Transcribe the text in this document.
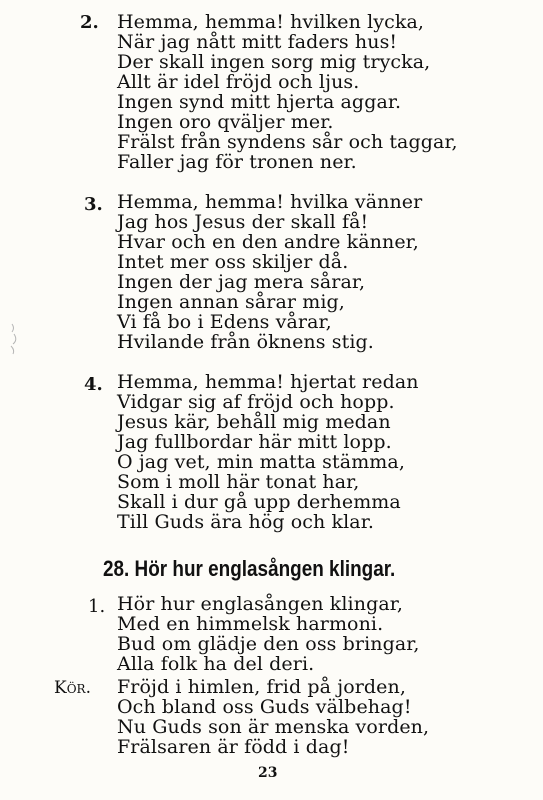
2. Hemma, hemma! hvilken lycka,
När jag nått mitt faders hus!
Der skall ingen sorg mig trycka,
Allt är idel fröjd och ljus.
Ingen synd mitt hjerta aggar.
Ingen oro qväljer mer.
Frälst från syndens sår och taggar,
Faller jag för tronen ner.
3. Hemma, hemma! hvilka vänner
Jag hos Jesus der skall få!
Hvar och en den andre känner,
Intet mer oss skiljer då.
Ingen der jag mera sårar,
Ingen annan sårar mig,
Vi få bo i Edens vårar,
Hvilande från öknens stig.
4. Hemma, hemma! hjertat redan
Vidgar sig af fröjd och hopp.
Jesus kär, behåll mig medan
Jag fullbordar här mitt lopp.
O jag vet, min matta stämma,
Som i moll här tonat har,
Skall i dur gå upp derhemma
Till Guds ära hög och klar.
28. Hör hur englasången klingar.
1. Hör hur englasången klingar,
Med en himmelsk harmoni.
Bud om glädje den oss bringar,
Alla folk ha del deri.
Kör. Fröjd i himlen, frid på jorden,
Och bland oss Guds välbehag!
Nu Guds son är menska vorden,
Frälsaren är född i dag!
23
